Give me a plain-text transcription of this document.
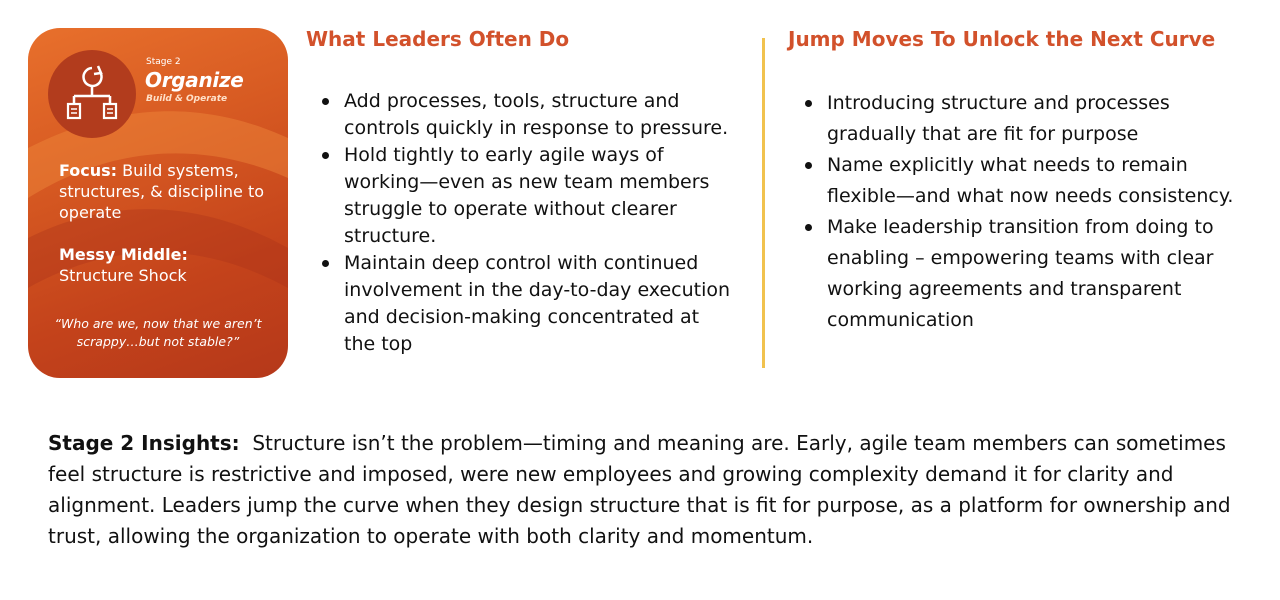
Stage 2
Organize
Build & Operate
Focus: Build systems, structures, & discipline to operate
Messy Middle:
Structure Shock
“Who are we, now that we aren’t scrappy…but not stable?”
What Leaders Often Do
Add processes, tools, structure and controls quickly in response to pressure.
Hold tightly to early agile ways of working—even as new team members struggle to operate without clearer structure.
Maintain deep control with continued involvement in the day-to-day execution and decision-making concentrated at the top
Jump Moves To Unlock the Next Curve
Introducing structure and processes gradually that are fit for purpose
Name explicitly what needs to remain flexible—and what now needs consistency.
Make leadership transition from doing to enabling – empowering teams with clear working agreements and transparent communication

Stage 2 Insights: Structure isn’t the problem—timing and meaning are. Early, agile team members can sometimes feel structure is restrictive and imposed, were new employees and growing complexity demand it for clarity and alignment. Leaders jump the curve when they design structure that is fit for purpose, as a platform for ownership and trust, allowing the organization to operate with both clarity and momentum.
